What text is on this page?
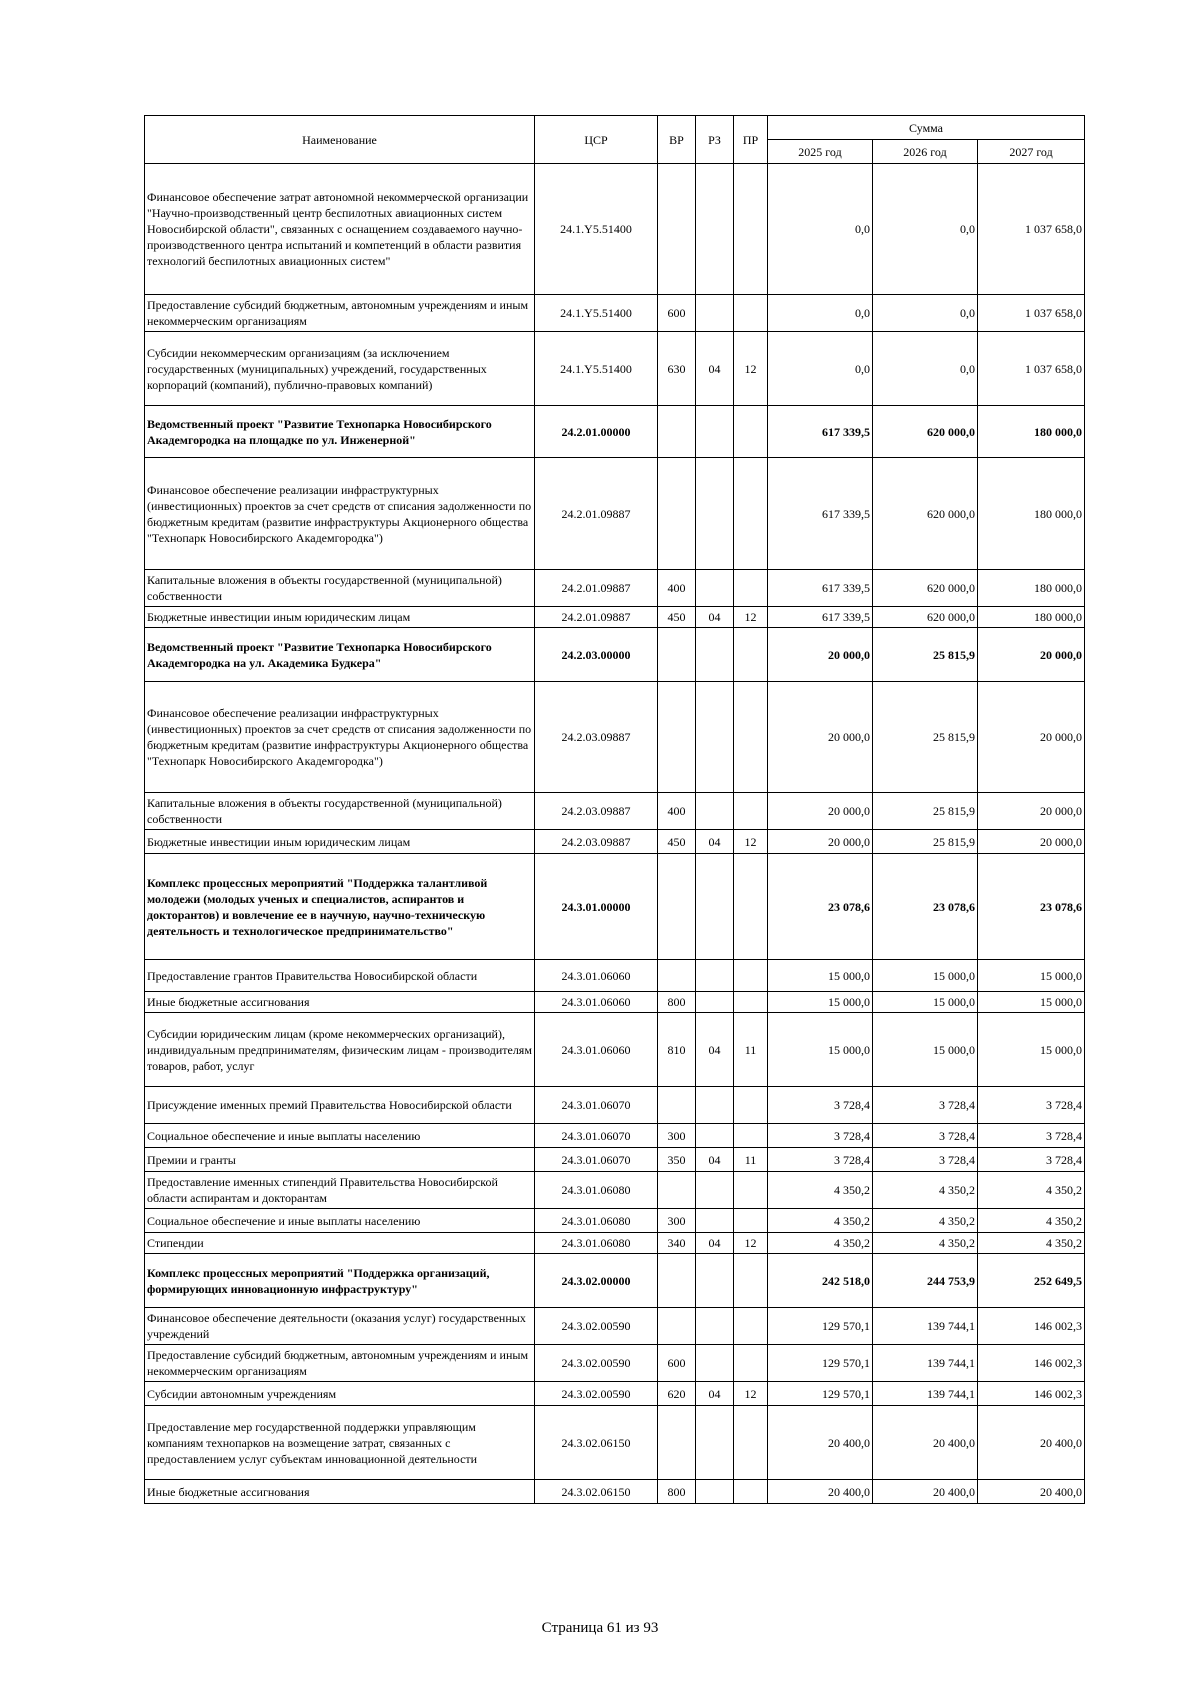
Наименование	ЦСР	ВР	РЗ	ПР	Сумма		
					2025 год	2026 год	2027 год
Финансовое обеспечение затрат автономной некоммерческой организации "Научно-производственный центр беспилотных авиационных систем Новосибирской области", связанных с оснащением создаваемого научно-производственного центра испытаний и компетенций в области развития технологий беспилотных авиационных систем"	24.1.Y5.51400				0,0	0,0	1 037 658,0
Предоставление субсидий бюджетным, автономным учреждениям и иным некоммерческим организациям	24.1.Y5.51400	600			0,0	0,0	1 037 658,0
Субсидии некоммерческим организациям (за исключением государственных (муниципальных) учреждений, государственных корпораций (компаний), публично-правовых компаний)	24.1.Y5.51400	630	04	12	0,0	0,0	1 037 658,0
Ведомственный проект "Развитие Технопарка Новосибирского Академгородка на площадке по ул. Инженерной"	24.2.01.00000				617 339,5	620 000,0	180 000,0
Финансовое обеспечение реализации инфраструктурных (инвестиционных) проектов за счет средств от списания задолженности по бюджетным кредитам (развитие инфраструктуры Акционерного общества "Технопарк Новосибирского Академгородка")	24.2.01.09887				617 339,5	620 000,0	180 000,0
Капитальные вложения в объекты государственной (муниципальной) собственности	24.2.01.09887	400			617 339,5	620 000,0	180 000,0
Бюджетные инвестиции иным юридическим лицам	24.2.01.09887	450	04	12	617 339,5	620 000,0	180 000,0
Ведомственный проект "Развитие Технопарка Новосибирского Академгородка на ул. Академика Будкера"	24.2.03.00000				20 000,0	25 815,9	20 000,0
Финансовое обеспечение реализации инфраструктурных (инвестиционных) проектов за счет средств от списания задолженности по бюджетным кредитам (развитие инфраструктуры Акционерного общества "Технопарк Новосибирского Академгородка")	24.2.03.09887				20 000,0	25 815,9	20 000,0
Капитальные вложения в объекты государственной (муниципальной) собственности	24.2.03.09887	400			20 000,0	25 815,9	20 000,0
Бюджетные инвестиции иным юридическим лицам	24.2.03.09887	450	04	12	20 000,0	25 815,9	20 000,0
Комплекс процессных мероприятий "Поддержка талантливой молодежи (молодых ученых и специалистов, аспирантов и докторантов) и вовлечение ее в научную, научно-техническую деятельность и технологическое предпринимательство"	24.3.01.00000				23 078,6	23 078,6	23 078,6
Предоставление грантов Правительства Новосибирской области	24.3.01.06060				15 000,0	15 000,0	15 000,0
Иные бюджетные ассигнования	24.3.01.06060	800			15 000,0	15 000,0	15 000,0
Субсидии юридическим лицам (кроме некоммерческих организаций), индивидуальным предпринимателям, физическим лицам - производителям товаров, работ, услуг	24.3.01.06060	810	04	11	15 000,0	15 000,0	15 000,0
Присуждение именных премий Правительства Новосибирской области	24.3.01.06070				3 728,4	3 728,4	3 728,4
Социальное обеспечение и иные выплаты населению	24.3.01.06070	300			3 728,4	3 728,4	3 728,4
Премии и гранты	24.3.01.06070	350	04	11	3 728,4	3 728,4	3 728,4
Предоставление именных стипендий Правительства Новосибирской области аспирантам и докторантам	24.3.01.06080				4 350,2	4 350,2	4 350,2
Социальное обеспечение и иные выплаты населению	24.3.01.06080	300			4 350,2	4 350,2	4 350,2
Стипендии	24.3.01.06080	340	04	12	4 350,2	4 350,2	4 350,2
Комплекс процессных мероприятий "Поддержка организаций, формирующих инновационную инфраструктуру"	24.3.02.00000				242 518,0	244 753,9	252 649,5
Финансовое обеспечение деятельности (оказания услуг) государственных учреждений	24.3.02.00590				129 570,1	139 744,1	146 002,3
Предоставление субсидий бюджетным, автономным учреждениям и иным некоммерческим организациям	24.3.02.00590	600			129 570,1	139 744,1	146 002,3
Субсидии автономным учреждениям	24.3.02.00590	620	04	12	129 570,1	139 744,1	146 002,3
Предоставление мер государственной поддержки управляющим компаниям технопарков на возмещение затрат, связанных с предоставлением услуг субъектам инновационной деятельности	24.3.02.06150				20 400,0	20 400,0	20 400,0
Иные бюджетные ассигнования	24.3.02.06150	800			20 400,0	20 400,0	20 400,0
Страница 61 из 93
